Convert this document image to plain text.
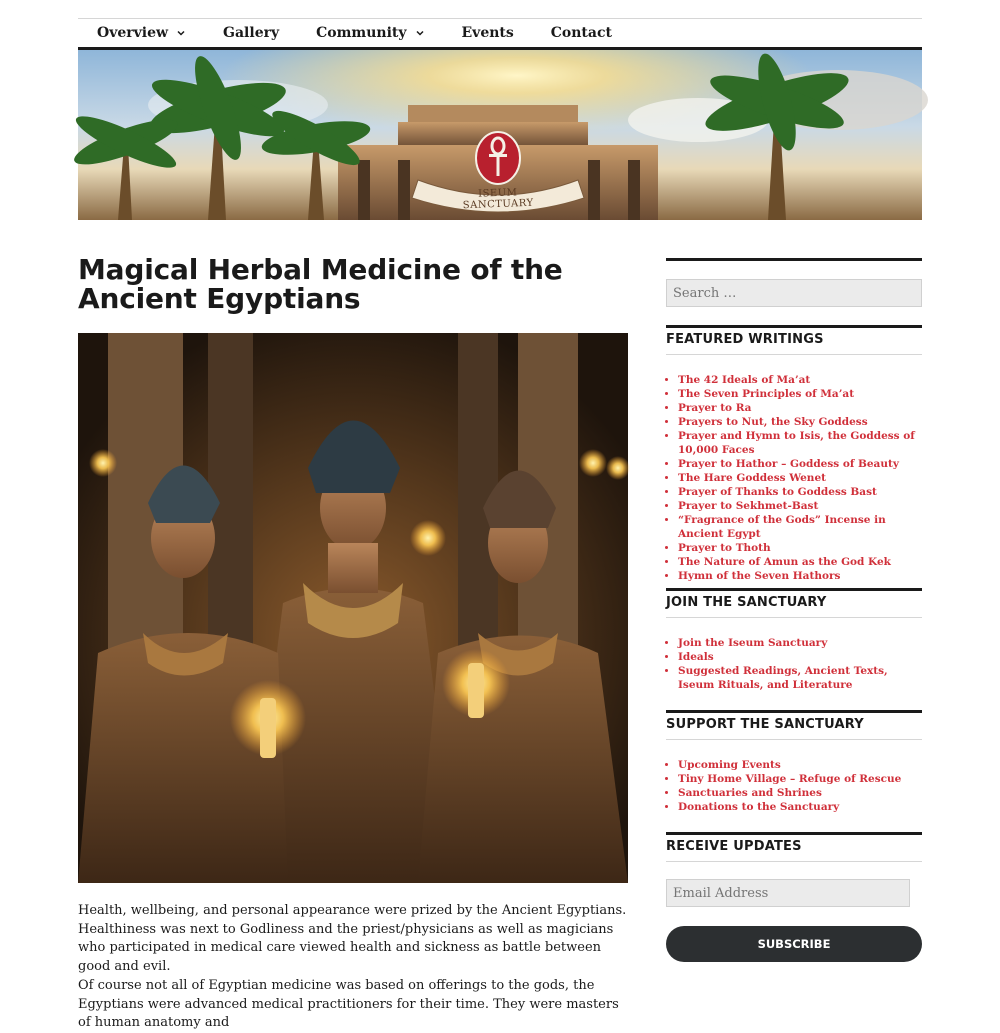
Overview	Gallery	Community	Events	Contact
ISEUM SANCTUARY
Magical Herbal Medicine of the Ancient Egyptians

Health, wellbeing, and personal appearance were prized by the Ancient Egyptians. Healthiness was next to Godliness and the priest/physicians as well as magicians who participated in medical care viewed health and sickness as battle between good and evil.

Of course not all of Egyptian medicine was based on offerings to the gods, the Egyptians were advanced medical practitioners for their time. They were masters of human anatomy and

Search …
FEATURED WRITINGS
• The 42 Ideals of Ma’at
• The Seven Principles of Ma’at
• Prayer to Ra
• Prayers to Nut, the Sky Goddess
• Prayer and Hymn to Isis, the Goddess of 10,000 Faces
• Prayer to Hathor – Goddess of Beauty
• The Hare Goddess Wenet
• Prayer of Thanks to Goddess Bast
• Prayer to Sekhmet-Bast
• “Fragrance of the Gods” Incense in Ancient Egypt
• Prayer to Thoth
• The Nature of Amun as the God Kek
• Hymn of the Seven Hathors
JOIN THE SANCTUARY
• Join the Iseum Sanctuary
• Ideals
• Suggested Readings, Ancient Texts, Iseum Rituals, and Literature
SUPPORT THE SANCTUARY
• Upcoming Events
• Tiny Home Village – Refuge of Rescue
• Sanctuaries and Shrines
• Donations to the Sanctuary
RECEIVE UPDATES
Email Address
SUBSCRIBE
